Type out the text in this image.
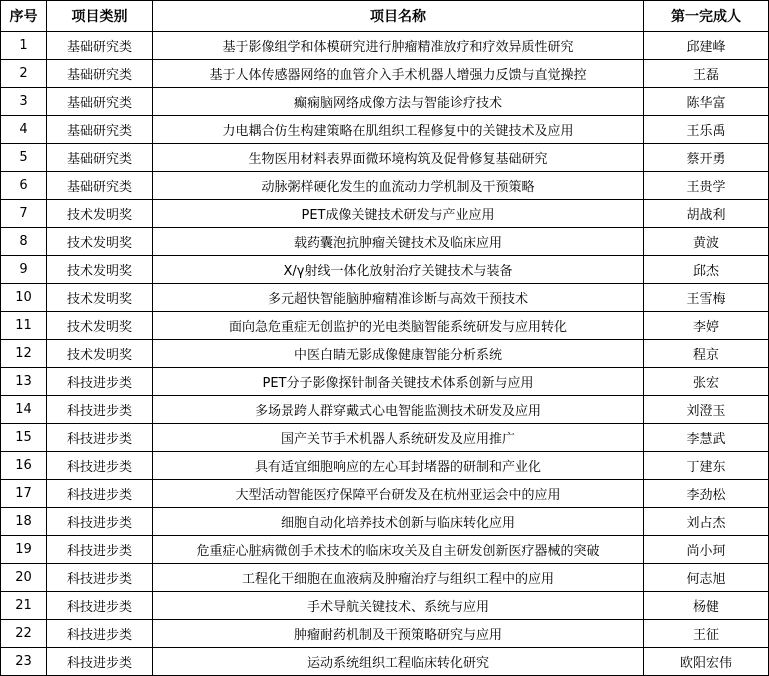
序号	项目类别	项目名称	第一完成人
1	基础研究类	基于影像组学和体模研究进行肿瘤精准放疗和疗效异质性研究	邱建峰
2	基础研究类	基于人体传感器网络的血管介入手术机器人增强力反馈与直觉操控	王磊
3	基础研究类	癫痫脑网络成像方法与智能诊疗技术	陈华富
4	基础研究类	力电耦合仿生构建策略在肌组织工程修复中的关键技术及应用	王乐禹
5	基础研究类	生物医用材料表界面微环境构筑及促骨修复基础研究	蔡开勇
6	基础研究类	动脉粥样硬化发生的血流动力学机制及干预策略	王贵学
7	技术发明奖	PET成像关键技术研发与产业应用	胡战利
8	技术发明奖	载药囊泡抗肿瘤关键技术及临床应用	黄波
9	技术发明奖	X/γ射线一体化放射治疗关键技术与装备	邱杰
10	技术发明奖	多元超快智能脑肿瘤精准诊断与高效干预技术	王雪梅
11	技术发明奖	面向急危重症无创监护的光电类脑智能系统研发与应用转化	李婷
12	技术发明奖	中医白睛无影成像健康智能分析系统	程京
13	科技进步类	PET分子影像探针制备关键技术体系创新与应用	张宏
14	科技进步类	多场景跨人群穿戴式心电智能监测技术研发及应用	刘澄玉
15	科技进步类	国产关节手术机器人系统研发及应用推广	李慧武
16	科技进步类	具有适宜细胞响应的左心耳封堵器的研制和产业化	丁建东
17	科技进步类	大型活动智能医疗保障平台研发及在杭州亚运会中的应用	李劲松
18	科技进步类	细胞自动化培养技术创新与临床转化应用	刘占杰
19	科技进步类	危重症心脏病微创手术技术的临床攻关及自主研发创新医疗器械的突破	尚小珂
20	科技进步类	工程化干细胞在血液病及肿瘤治疗与组织工程中的应用	何志旭
21	科技进步类	手术导航关键技术、系统与应用	杨健
22	科技进步类	肿瘤耐药机制及干预策略研究与应用	王征
23	科技进步类	运动系统组织工程临床转化研究	欧阳宏伟
